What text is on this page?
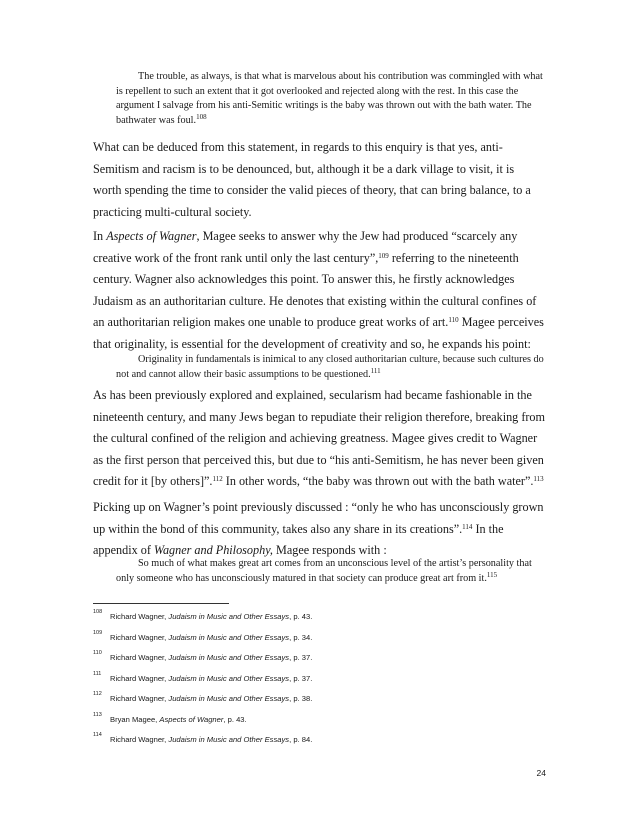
The trouble, as always, is that what is marvelous about his contribution was commingled with what is repellent to such an extent that it got overlooked and rejected along with the rest. In this case the argument I salvage from his anti-Semitic writings is the baby was thrown out with the bath water. The bathwater was foul.$^{108}$

What can be deduced from this statement, in regards to this enquiry is that yes, anti-Semitism and racism is to be denounced, but, although it be a dark village to visit, it is worth spending the time to consider the valid pieces of theory, that can bring balance, to a practicing multi-cultural society.

In Aspects of Wagner, Magee seeks to answer why the Jew had produced “scarcely any creative work of the front rank until only the last century”,$^{109}$ referring to the nineteenth century. Wagner also acknowledges this point. To answer this, he firstly acknowledges Judaism as an authoritarian culture. He denotes that existing within the cultural confines of an authoritarian religion makes one unable to produce great works of art.$^{110}$ Magee perceives that originality, is essential for the development of creativity and so, he expands his point:

Originality in fundamentals is inimical to any closed authoritarian culture, because such cultures do not and cannot allow their basic assumptions to be questioned.$^{111}$

As has been previously explored and explained, secularism had became fashionable in the nineteenth century, and many Jews began to repudiate their religion therefore, breaking from the cultural confined of the religion and achieving greatness. Magee gives credit to Wagner as the first person that perceived this, but due to “his anti-Semitism, he has never been given credit for it [by others]”.$^{112}$ In other words, “the baby was thrown out with the bath water”.$^{113}$

Picking up on Wagner’s point previously discussed : “only he who has unconsciously grown up within the bond of this community, takes also any share in its creations”.$^{114}$ In the appendix of Wagner and Philosophy, Magee responds with :

So much of what makes great art comes from an unconscious level of the artist’s personality that only someone who has unconsciously matured in that society can produce great art from it.$^{115}$

108 Richard Wagner, Judaism in Music and Other Essays, p. 43.
109 Richard Wagner, Judaism in Music and Other Essays, p. 34.
110 Richard Wagner, Judaism in Music and Other Essays, p. 37.
111 Richard Wagner, Judaism in Music and Other Essays, p. 37.
112 Richard Wagner, Judaism in Music and Other Essays, p. 38.
113 Bryan Magee, Aspects of Wagner, p. 43.
114 Richard Wagner, Judaism in Music and Other Essays, p. 84.
24
